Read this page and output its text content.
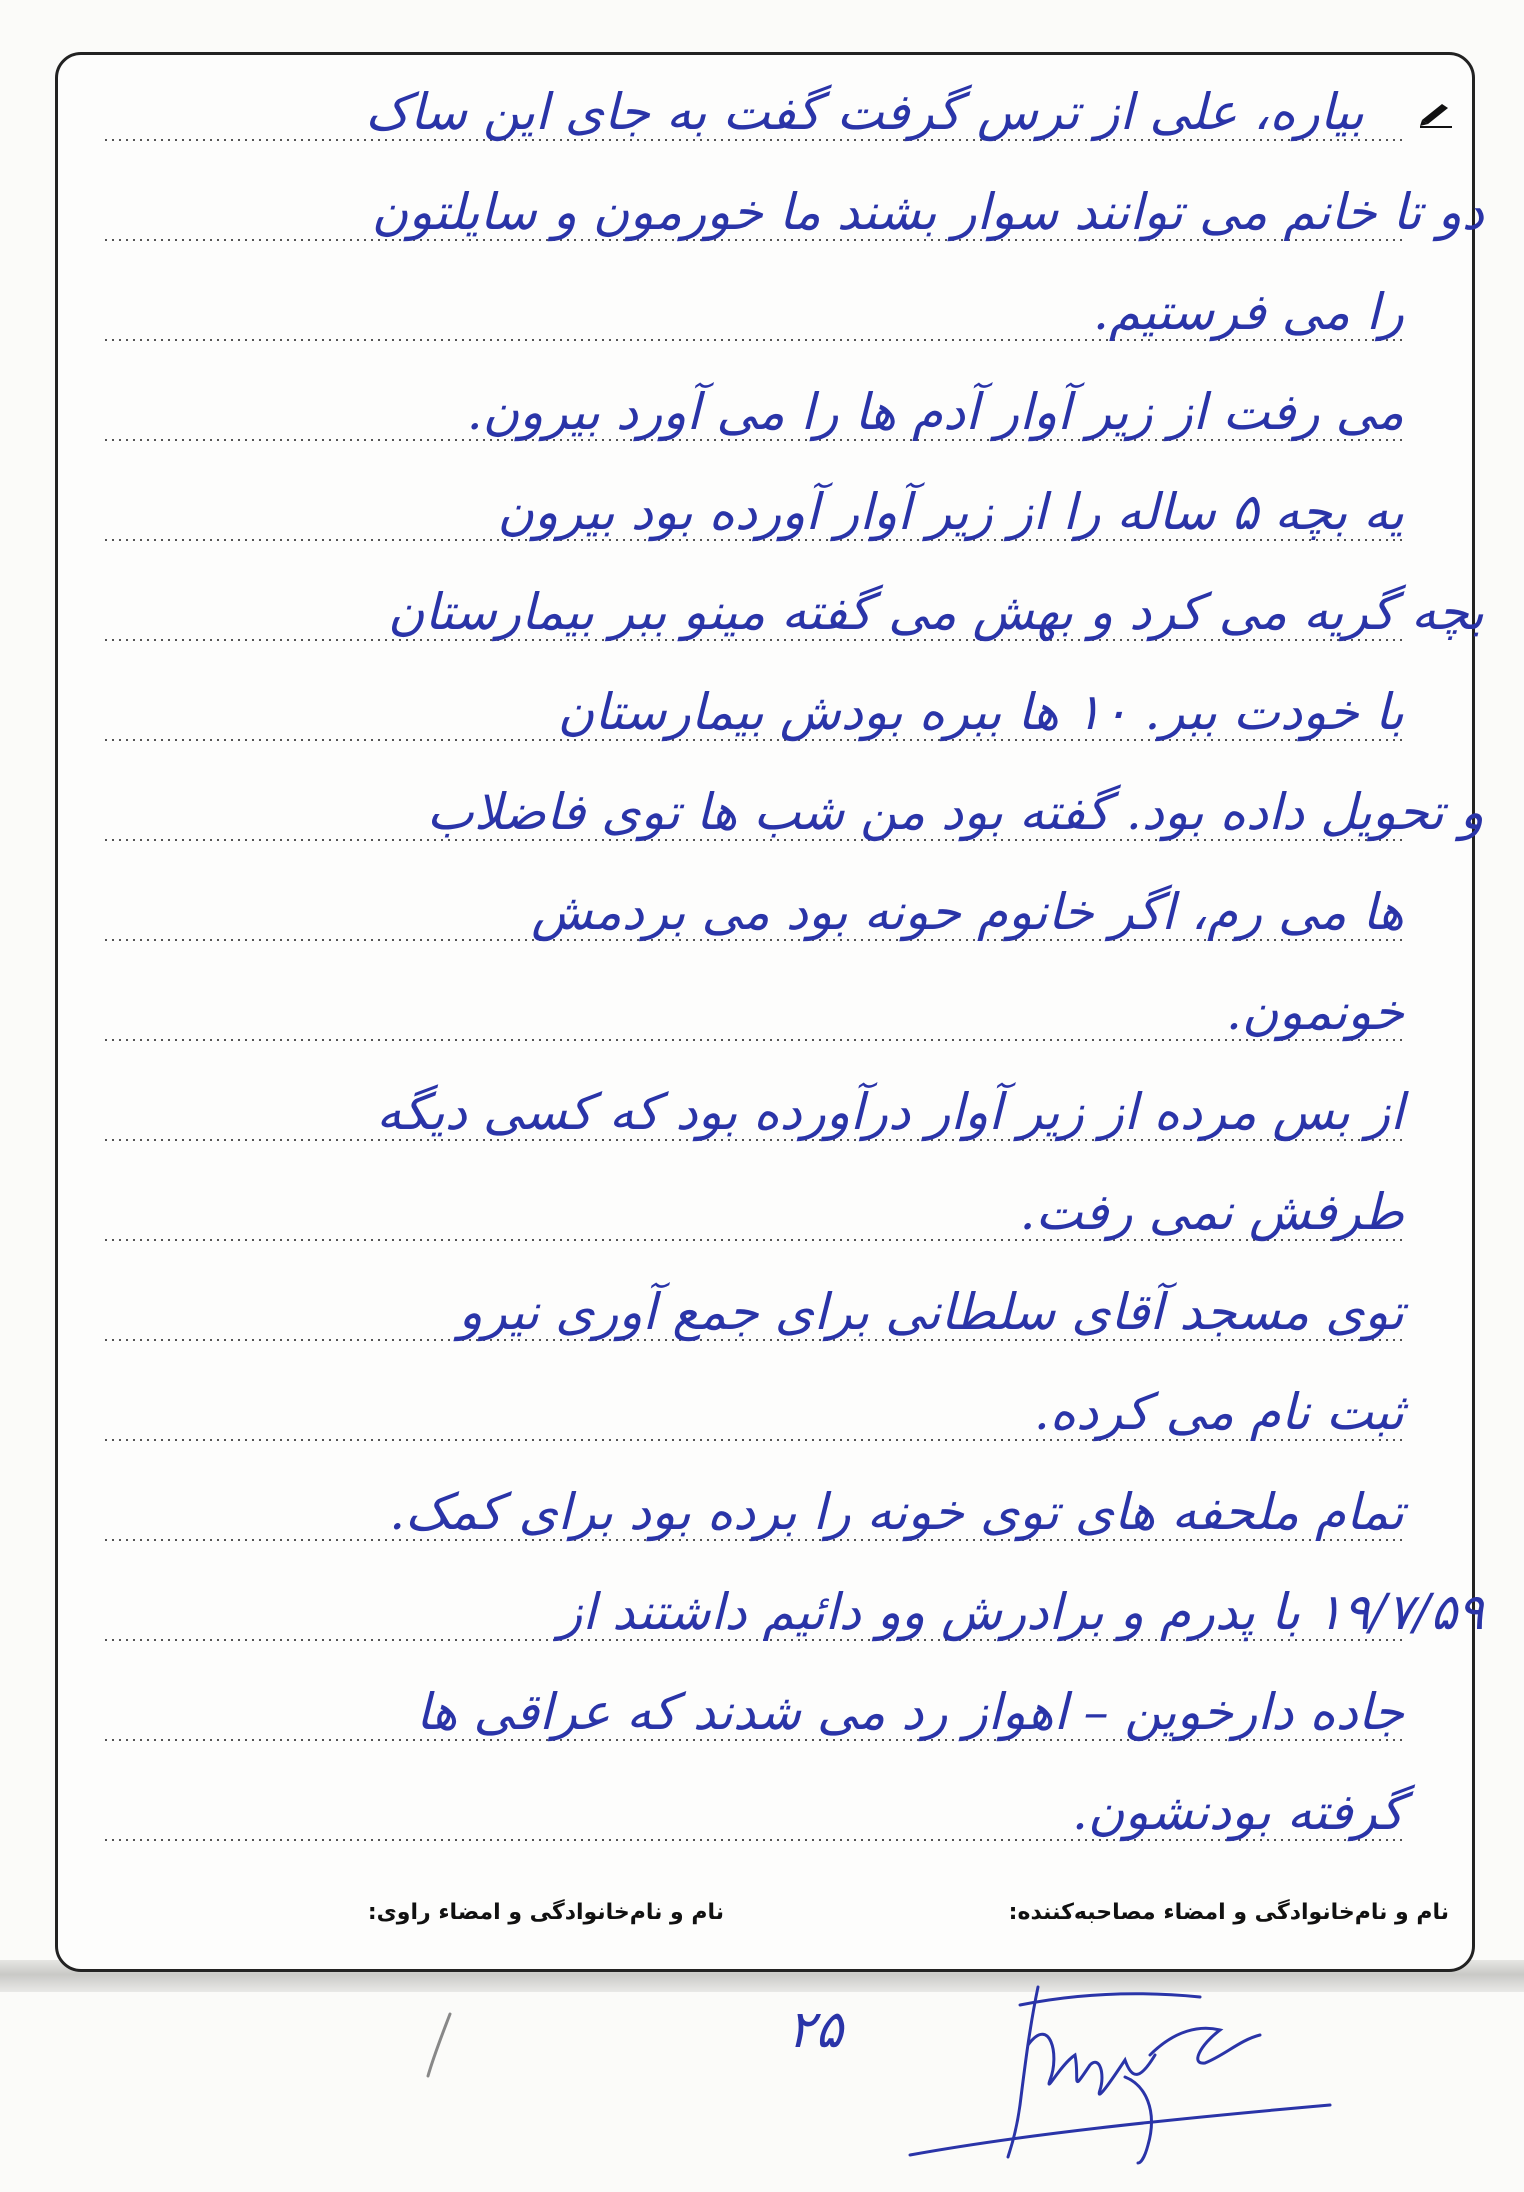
بیاره، علی از ترس گرفت گفت به جای این ساک
دو تا خانم می توانند سوار بشند ما خورمون و سایلتون
را می فرستیم.
می رفت از زیر آوار آدم ها را می آورد بیرون.
یه بچه ۵ ساله را از زیر آوار آورده بود بیرون
بچه گریه می کرد و بهش می گفته مینو ببر بیمارستان
با خودت ببر. ۱۰ ها ببره بودش بیمارستان
و تحویل داده بود. گفته بود من شب ها توی فاضلاب
ها می رم، اگر خانوم حونه بود می بردمش
خونمون.
از بس مرده از زیر آوار درآورده بود که کسی دیگه
طرفش نمی رفت.
توی مسجد آقای سلطانی برای جمع آوری نیرو
ثبت نام می کرده.
تمام ملحفه های توی خونه را برده بود برای کمک.
۱۹/۷/۵۹ با پدرم و برادرش وو دائیم داشتند از
جاده دارخوین – اهواز رد می شدند که عراقی ها
گرفته بودنشون.
نام و نام‌خانوادگی و امضاء مصاحبه‌کننده:
نام و نام‌خانوادگی و امضاء راوی:
۲۵
